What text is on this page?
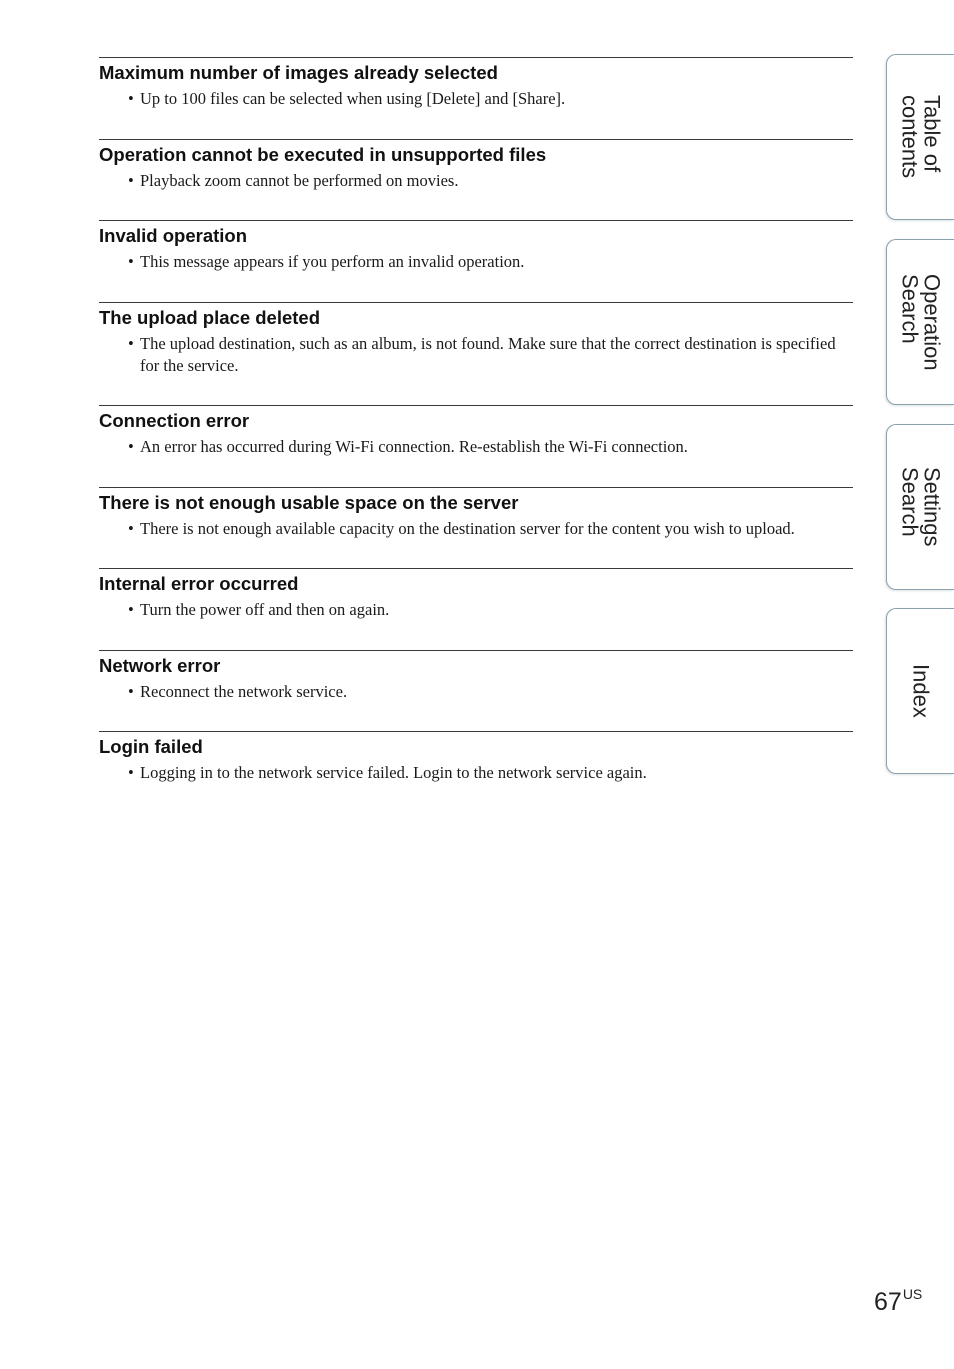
Maximum number of images already selected
• Up to 100 files can be selected when using [Delete] and [Share].
Operation cannot be executed in unsupported files
• Playback zoom cannot be performed on movies.
Invalid operation
• This message appears if you perform an invalid operation.
The upload place deleted
• The upload destination, such as an album, is not found. Make sure that the correct destination is specified for the service.
Connection error
• An error has occurred during Wi-Fi connection. Re-establish the Wi-Fi connection.
There is not enough usable space on the server
• There is not enough available capacity on the destination server for the content you wish to upload.
Internal error occurred
• Turn the power off and then on again.
Network error
• Reconnect the network service.
Login failed
• Logging in to the network service failed. Login to the network service again.
Table of
contents
Operation
Search
Settings
Search
Index
$67^{US}$
